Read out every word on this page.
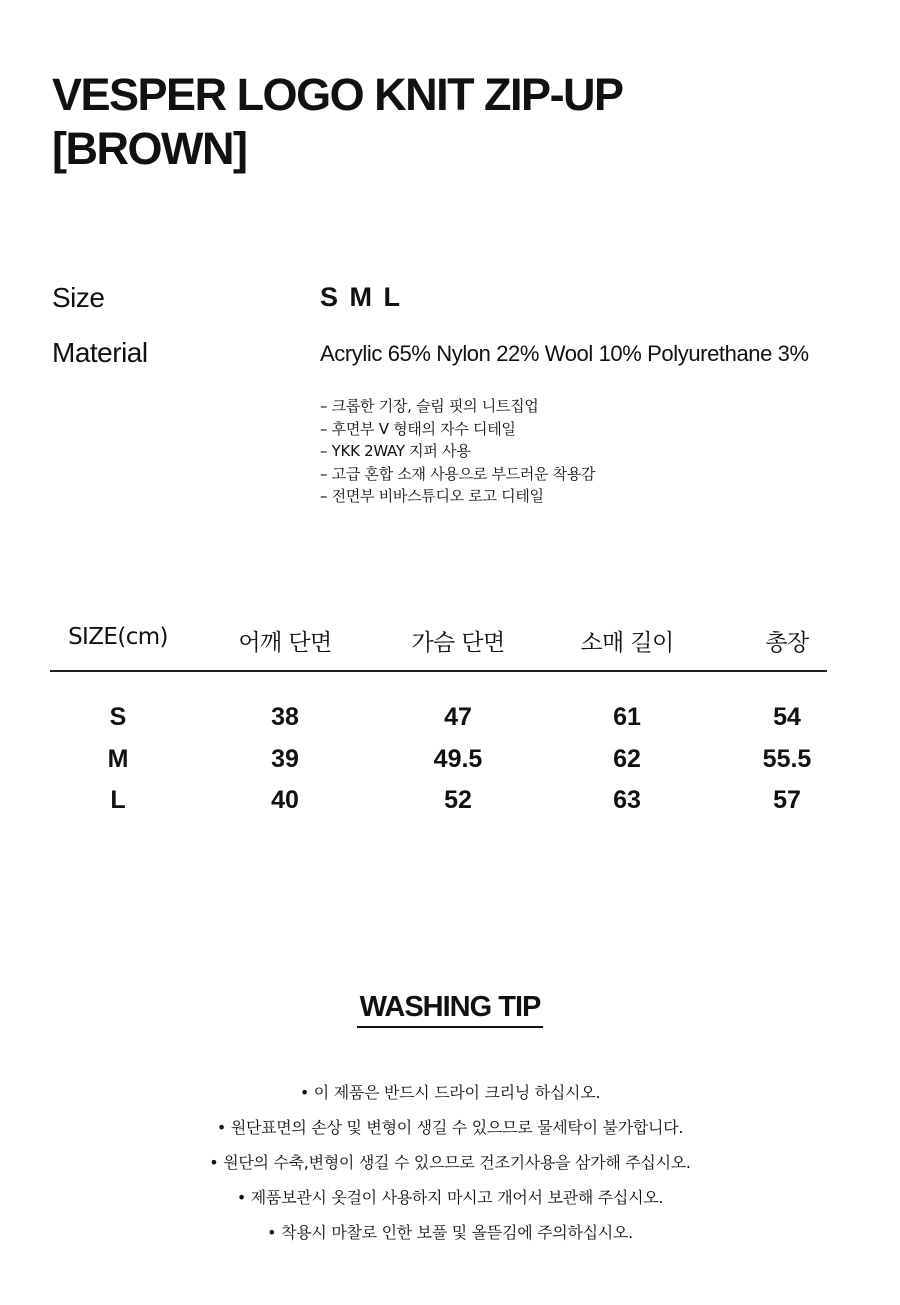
VESPER LOGO KNIT ZIP-UP
[BROWN]
Size	S M L
Material	Acrylic 65% Nylon 22% Wool 10% Polyurethane 3%
– 크롭한 기장, 슬림 핏의 니트집업
– 후면부 V 형태의 자수 디테일
– YKK 2WAY 지퍼 사용
– 고급 혼합 소재 사용으로 부드러운 착용감
– 전면부 비바스튜디오 로고 디테일
SIZE(cm)	어깨 단면	가슴 단면	소매 길이	총장
S	38	47	61	54
M	39	49.5	62	55.5
L	40	52	63	57
WASHING TIP
• 이 제품은 반드시 드라이 크리닝 하십시오.
• 원단표면의 손상 및 변형이 생길 수 있으므로 물세탁이 불가합니다.
• 원단의 수축,변형이 생길 수 있으므로 건조기사용을 삼가해 주십시오.
• 제품보관시 옷걸이 사용하지 마시고 개어서 보관해 주십시오.
• 착용시 마찰로 인한 보풀 및 올뜯김에 주의하십시오.
